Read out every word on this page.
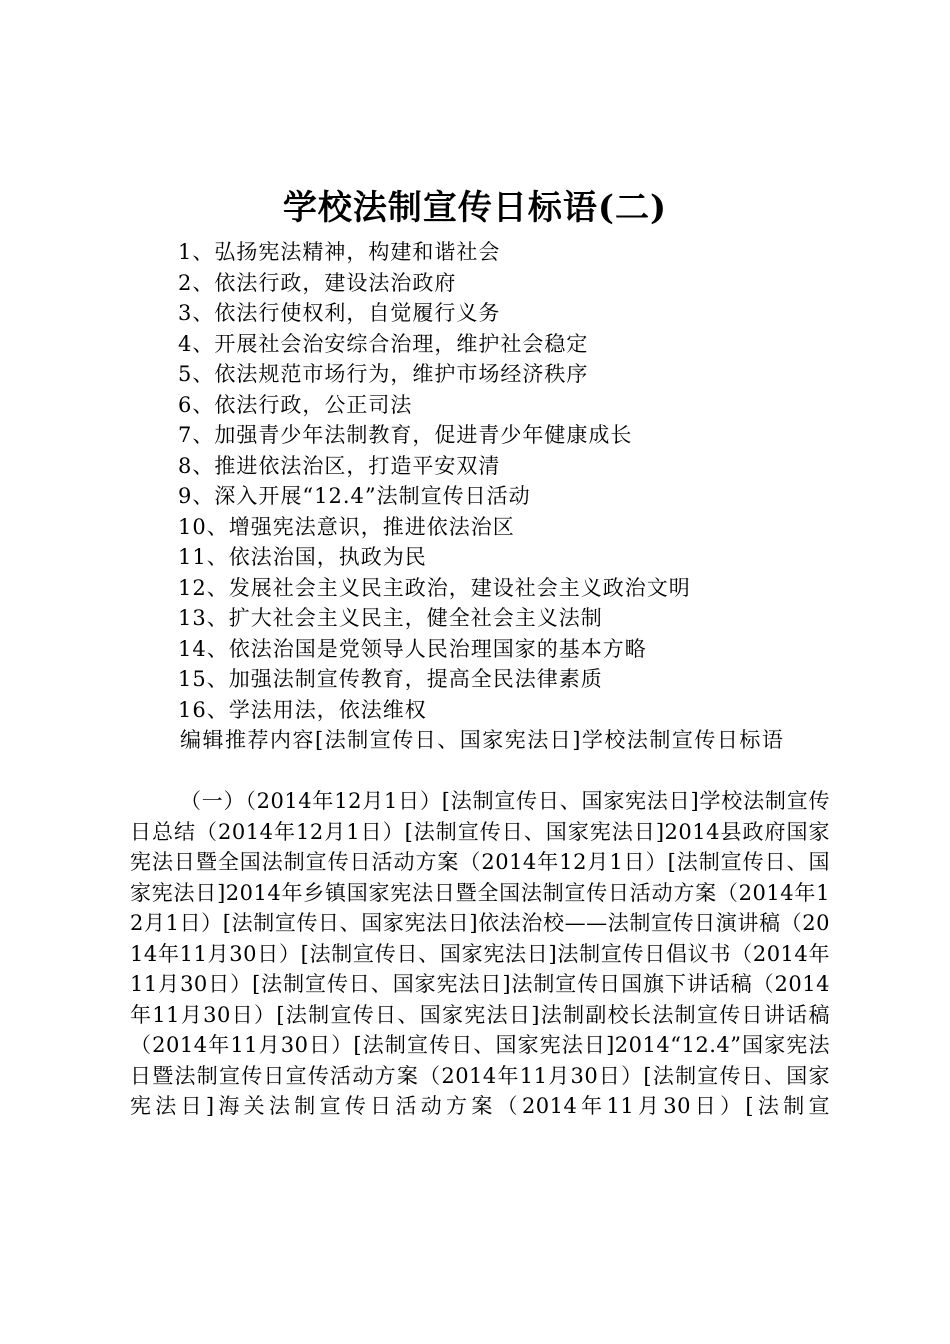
学校法制宣传日标语(二)
1、弘扬宪法精神，构建和谐社会
2、依法行政，建设法治政府
3、依法行使权利，自觉履行义务
4、开展社会治安综合治理，维护社会稳定
5、依法规范市场行为，维护市场经济秩序
6、依法行政，公正司法
7、加强青少年法制教育，促进青少年健康成长
8、推进依法治区，打造平安双清
9、深入开展“12.4”法制宣传日活动
10、增强宪法意识，推进依法治区
11、依法治国，执政为民
12、发展社会主义民主政治，建设社会主义政治文明
13、扩大社会主义民主，健全社会主义法制
14、依法治国是党领导人民治理国家的基本方略
15、加强法制宣传教育，提高全民法律素质
16、学法用法，依法维权

编辑推荐内容[法制宣传日、国家宪法日]学校法制宣传日标语

（一）（2014年12月1日）[法制宣传日、国家宪法日]学校法制宣传日总结（2014年12月1日）[法制宣传日、国家宪法日]2014县政府国家宪法日暨全国法制宣传日活动方案（2014年12月1日）[法制宣传日、国家宪法日]2014年乡镇国家宪法日暨全国法制宣传日活动方案（2014年12月1日）[法制宣传日、国家宪法日]依法治校——法制宣传日演讲稿（2014年11月30日）[法制宣传日、国家宪法日]法制宣传日倡议书（2014年11月30日）[法制宣传日、国家宪法日]法制宣传日国旗下讲话稿（2014年11月30日）[法制宣传日、国家宪法日]法制副校长法制宣传日讲话稿（2014年11月30日）[法制宣传日、国家宪法日]2014“12.4”国家宪法日暨法制宣传日宣传活动方案（2014年11月30日）[法制宣传日、国家宪法日]海关法制宣传日活动方案（2014年11月30日）[法制宣
